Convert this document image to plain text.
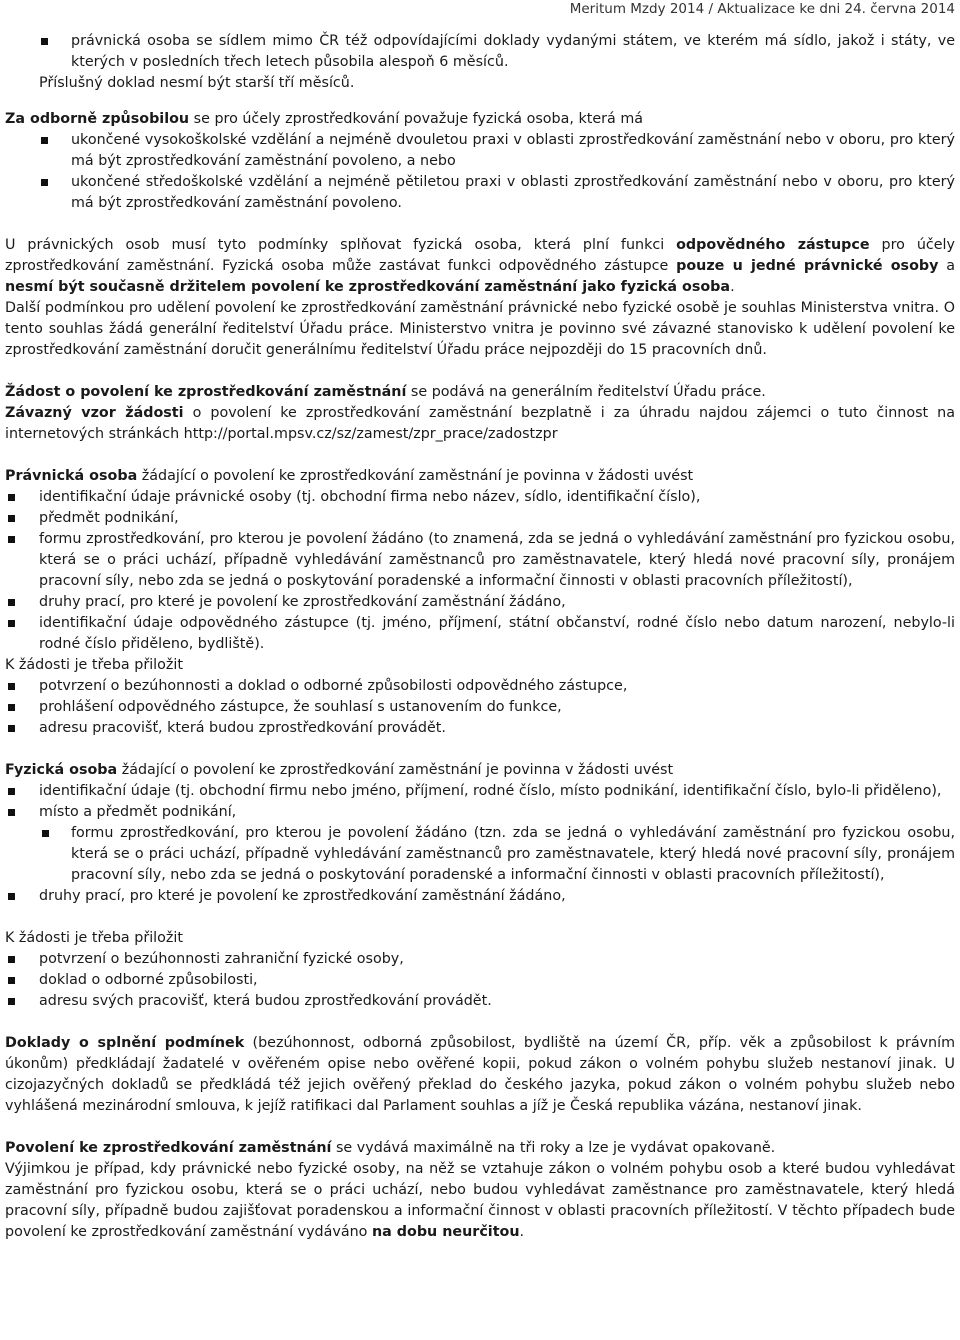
Meritum Mzdy 2014 / Aktualizace ke dni 24. června 2014
právnická osoba se sídlem mimo ČR též odpovídajícími doklady vydanými státem, ve kterém má sídlo, jakož i státy, ve kterých v posledních třech letech působila alespoň 6 měsíců.

Příslušný doklad nesmí být starší tří měsíců.

Za odborně způsobilou se pro účely zprostředkování považuje fyzická osoba, která má

ukončené vysokoškolské vzdělání a nejméně dvouletou praxi v oblasti zprostředkování zaměstnání nebo v oboru, pro který má být zprostředkování zaměstnání povoleno, a nebo
ukončené středoškolské vzdělání a nejméně pětiletou praxi v oblasti zprostředkování zaměstnání nebo v oboru, pro který má být zprostředkování zaměstnání povoleno.

U právnických osob musí tyto podmínky splňovat fyzická osoba, která plní funkci odpovědného zástupce pro účely zprostředkování zaměstnání. Fyzická osoba může zastávat funkci odpovědného zástupce pouze u jedné právnické osoby a nesmí být současně držitelem povolení ke zprostředkování zaměstnání jako fyzická osoba.

Další podmínkou pro udělení povolení ke zprostředkování zaměstnání právnické nebo fyzické osobě je souhlas Ministerstva vnitra. O tento souhlas žádá generální ředitelství Úřadu práce. Ministerstvo vnitra je povinno své závazné stanovisko k udělení povolení ke zprostředkování zaměstnání doručit generálnímu ředitelství Úřadu práce nejpozději do 15 pracovních dnů.

Žádost o povolení ke zprostředkování zaměstnání se podává na generálním ředitelství Úřadu práce.

Závazný vzor žádosti o povolení ke zprostředkování zaměstnání bezplatně i za úhradu najdou zájemci o tuto činnost na internetových stránkách http://portal.mpsv.cz/sz/zamest/zpr_prace/zadostzpr

Právnická osoba žádající o povolení ke zprostředkování zaměstnání je povinna v žádosti uvést

identifikační údaje právnické osoby (tj. obchodní firma nebo název, sídlo, identifikační číslo),
předmět podnikání,
formu zprostředkování, pro kterou je povolení žádáno (to znamená, zda se jedná o vyhledávání zaměstnání pro fyzickou osobu, která se o práci uchází, případně vyhledávání zaměstnanců pro zaměstnavatele, který hledá nové pracovní síly, pronájem pracovní síly, nebo zda se jedná o poskytování poradenské a informační činnosti v oblasti pracovních příležitostí),
druhy prací, pro které je povolení ke zprostředkování zaměstnání žádáno,
identifikační údaje odpovědného zástupce (tj. jméno, příjmení, státní občanství, rodné číslo nebo datum narození, nebylo-li rodné číslo přiděleno, bydliště).

K žádosti je třeba přiložit

potvrzení o bezúhonnosti a doklad o odborné způsobilosti odpovědného zástupce,
prohlášení odpovědného zástupce, že souhlasí s ustanovením do funkce,
adresu pracovišť, která budou zprostředkování provádět.

Fyzická osoba žádající o povolení ke zprostředkování zaměstnání je povinna v žádosti uvést

identifikační údaje (tj. obchodní firmu nebo jméno, příjmení, rodné číslo, místo podnikání, identifikační číslo, bylo-li přiděleno),
místo a předmět podnikání,
formu zprostředkování, pro kterou je povolení žádáno (tzn. zda se jedná o vyhledávání zaměstnání pro fyzickou osobu, která se o práci uchází, případně vyhledávání zaměstnanců pro zaměstnavatele, který hledá nové pracovní síly, pronájem pracovní síly, nebo zda se jedná o poskytování poradenské a informační činnosti v oblasti pracovních příležitostí),
druhy prací, pro které je povolení ke zprostředkování zaměstnání žádáno,

K žádosti je třeba přiložit

potvrzení o bezúhonnosti zahraniční fyzické osoby,
doklad o odborné způsobilosti,
adresu svých pracovišť, která budou zprostředkování provádět.

Doklady o splnění podmínek (bezúhonnost, odborná způsobilost, bydliště na území ČR, příp. věk a způsobilost k právním úkonům) předkládají žadatelé v ověřeném opise nebo ověřené kopii, pokud zákon o volném pohybu služeb nestanoví jinak. U cizojazyčných dokladů se předkládá též jejich ověřený překlad do českého jazyka, pokud zákon o volném pohybu služeb nebo vyhlášená mezinárodní smlouva, k jejíž ratifikaci dal Parlament souhlas a jíž je Česká republika vázána, nestanoví jinak.

Povolení ke zprostředkování zaměstnání se vydává maximálně na tři roky a lze je vydávat opakovaně.

Výjimkou je případ, kdy právnické nebo fyzické osoby, na něž se vztahuje zákon o volném pohybu osob a které budou vyhledávat zaměstnání pro fyzickou osobu, která se o práci uchází, nebo budou vyhledávat zaměstnance pro zaměstnavatele, který hledá pracovní síly, případně budou zajišťovat poradenskou a informační činnost v oblasti pracovních příležitostí. V těchto případech bude povolení ke zprostředkování zaměstnání vydáváno na dobu neurčitou.
